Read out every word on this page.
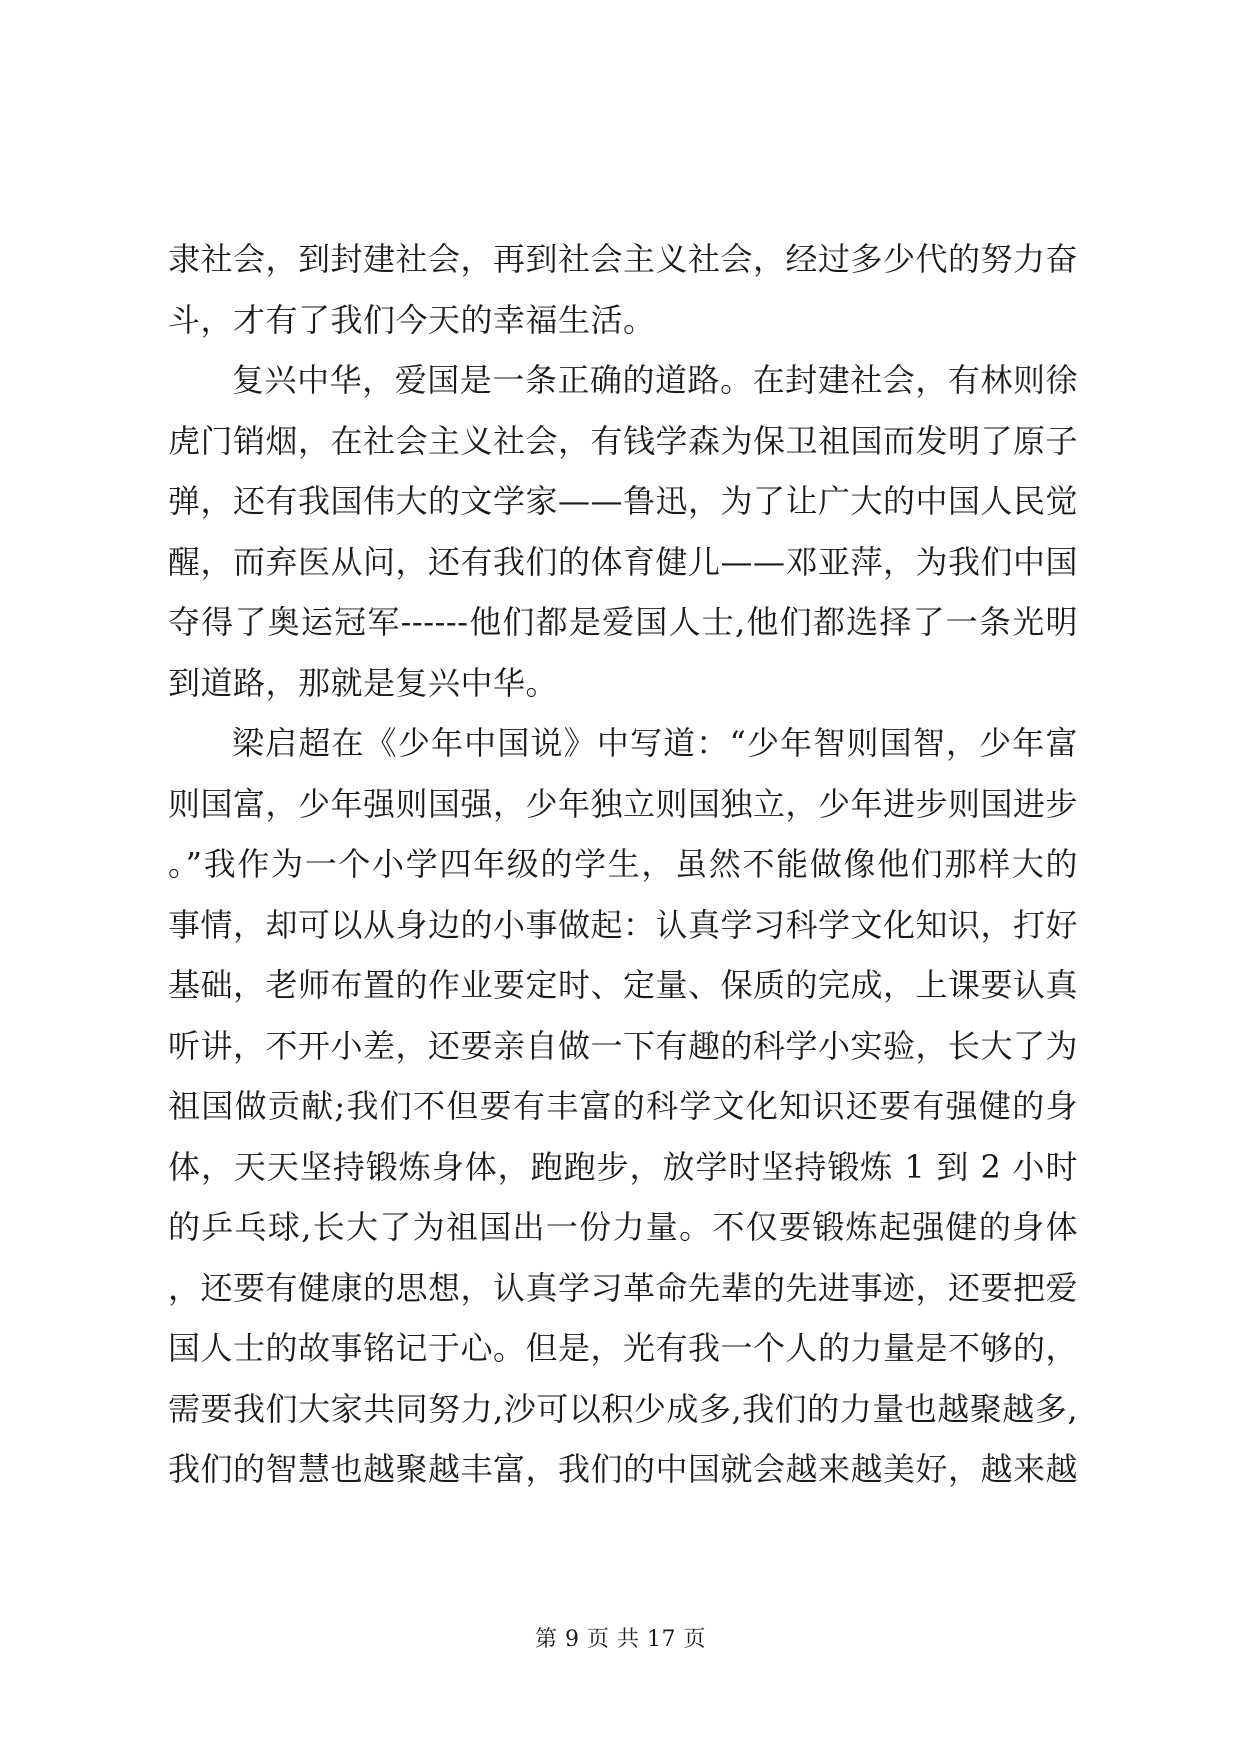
隶社会，到封建社会，再到社会主义社会，经过多少代的努力奋斗，才有了我们今天的幸福生活。

复兴中华，爱国是一条正确的道路。在封建社会，有林则徐虎门销烟，在社会主义社会，有钱学森为保卫祖国而发明了原子弹，还有我国伟大的文学家——鲁迅，为了让广大的中国人民觉醒，而弃医从问，还有我们的体育健儿——邓亚萍，为我们中国夺得了奥运冠军------他们都是爱国人士,他们都选择了一条光明到道路，那就是复兴中华。

梁启超在《少年中国说》中写道：“少年智则国智，少年富则国富，少年强则国强，少年独立则国独立，少年进步则国进步。”我作为一个小学四年级的学生，虽然不能做像他们那样大的事情，却可以从身边的小事做起：认真学习科学文化知识，打好基础，老师布置的作业要定时、定量、保质的完成，上课要认真听讲，不开小差，还要亲自做一下有趣的科学小实验，长大了为祖国做贡献;我们不但要有丰富的科学文化知识还要有强健的身体，天天坚持锻炼身体，跑跑步，放学时坚持锻炼 1 到 2 小时的乒乓球,长大了为祖国出一份力量。不仅要锻炼起强健的身体，还要有健康的思想，认真学习革命先辈的先进事迹，还要把爱国人士的故事铭记于心。但是，光有我一个人的力量是不够的，需要我们大家共同努力,沙可以积少成多,我们的力量也越聚越多,我们的智慧也越聚越丰富，我们的中国就会越来越美好，越来越

第 9 页 共 17 页
